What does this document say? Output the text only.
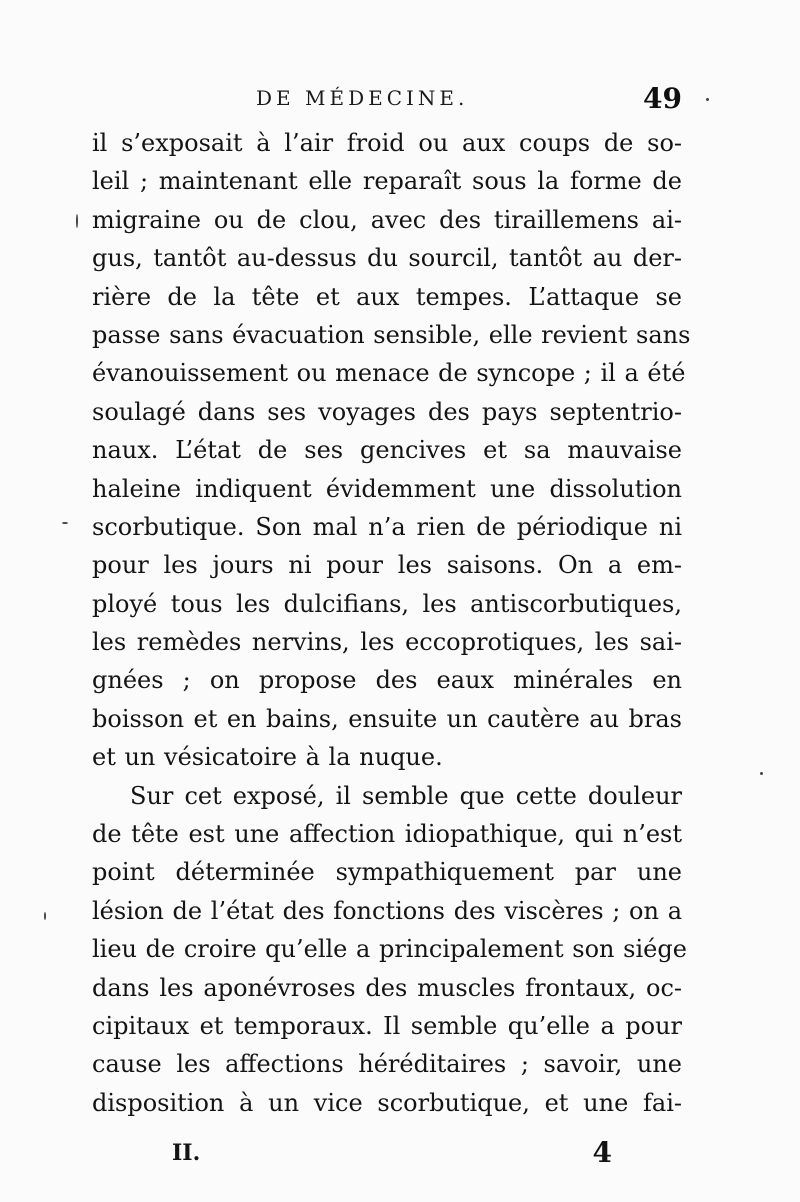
DE MÉDECINE.	49
il s’exposait à l’air froid ou aux coups de so-
leil ; maintenant elle reparaît sous la forme de
migraine ou de clou, avec des tiraillemens ai-
gus, tantôt au-dessus du sourcil, tantôt au der-
rière de la tête et aux tempes. L’attaque se
passe sans évacuation sensible, elle revient sans
évanouissement ou menace de syncope ; il a été
soulagé dans ses voyages des pays septentrio-
naux. L’état de ses gencives et sa mauvaise
haleine indiquent évidemment une dissolution
scorbutique. Son mal n’a rien de périodique ni
pour les jours ni pour les saisons. On a em-
ployé tous les dulcifians, les antiscorbutiques,
les remèdes nervins, les eccoprotiques, les sai-
gnées ; on propose des eaux minérales en
boisson et en bains, ensuite un cautère au bras
et un vésicatoire à la nuque.
Sur cet exposé, il semble que cette douleur
de tête est une affection idiopathique, qui n’est
point déterminée sympathiquement par une
lésion de l’état des fonctions des viscères ; on a
lieu de croire qu’elle a principalement son siége
dans les aponévroses des muscles frontaux, oc-
cipitaux et temporaux. Il semble qu’elle a pour
cause les affections héréditaires ; savoir, une
disposition à un vice scorbutique, et une fai-
II.	4
